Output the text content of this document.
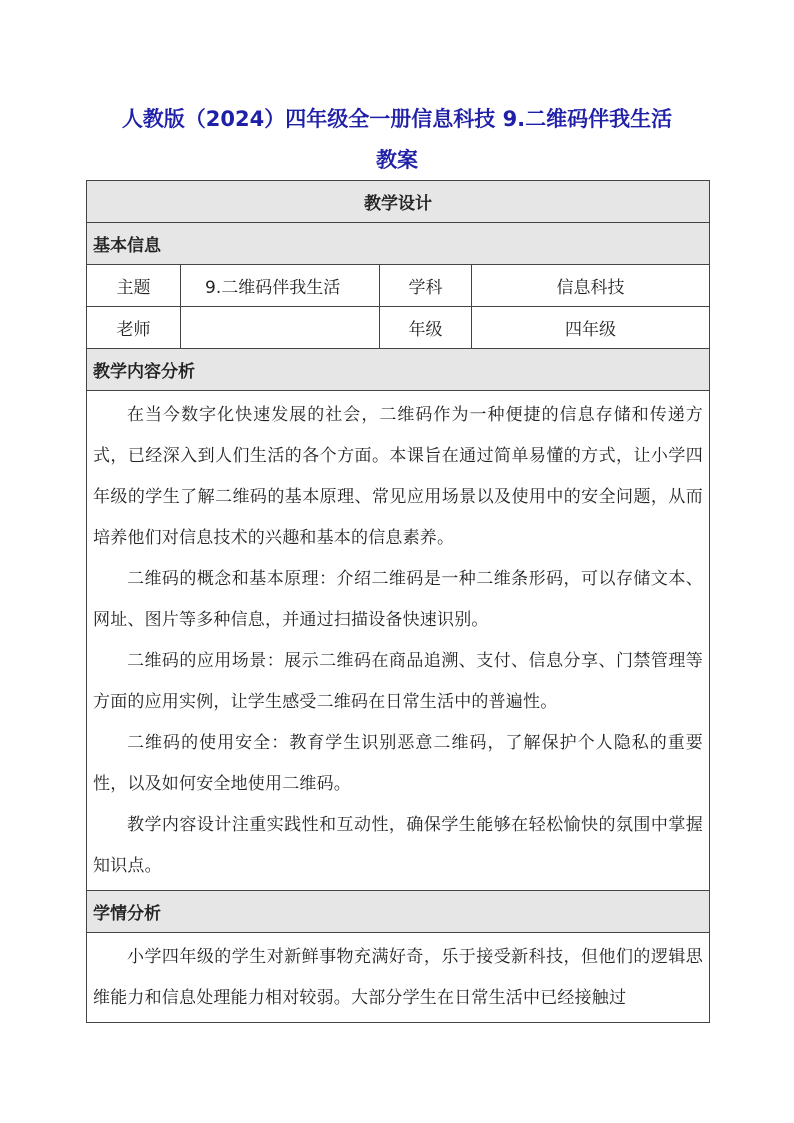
人教版（2024）四年级全一册信息科技 9.二维码伴我生活
教案
教学设计			
基本信息			
主题	9.二维码伴我生活	学科	信息科技
老师		年级	四年级
教学内容分析			

在当今数字化快速发展的社会，二维码作为一种便捷的信息存储和传递方式，已经深入到人们生活的各个方面。本课旨在通过简单易懂的方式，让小学四年级的学生了解二维码的基本原理、常见应用场景以及使用中的安全问题，从而培养他们对信息技术的兴趣和基本的信息素养。

二维码的概念和基本原理：介绍二维码是一种二维条形码，可以存储文本、网址、图片等多种信息，并通过扫描设备快速识别。

二维码的应用场景：展示二维码在商品追溯、支付、信息分享、门禁管理等方面的应用实例，让学生感受二维码在日常生活中的普遍性。

二维码的使用安全：教育学生识别恶意二维码，了解保护个人隐私的重要性，以及如何安全地使用二维码。

教学内容设计注重实践性和互动性，确保学生能够在轻松愉快的氛围中掌握知识点。			

学情分析			

小学四年级的学生对新鲜事物充满好奇，乐于接受新科技，但他们的逻辑思维能力和信息处理能力相对较弱。大部分学生在日常生活中已经接触过			
